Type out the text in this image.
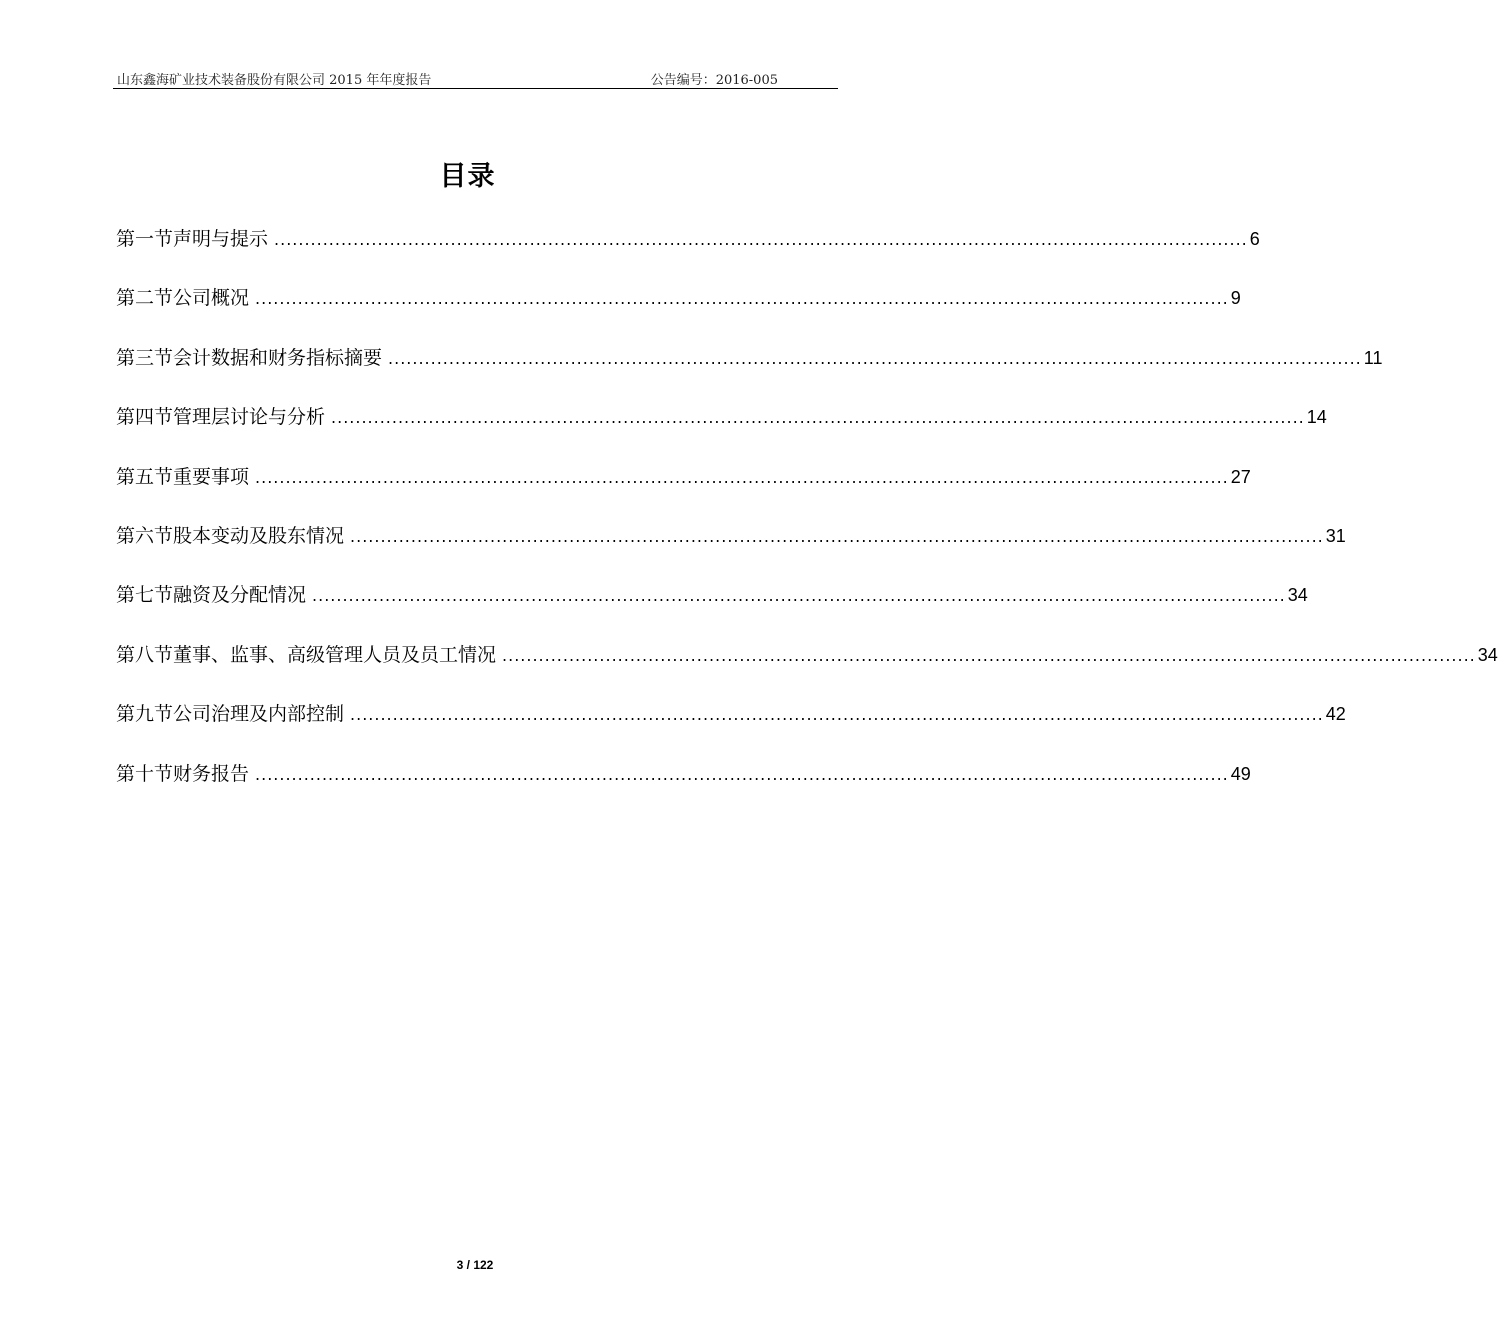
山东鑫海矿业技术装备股份有限公司 2015 年年度报告	公告编号：2016-005
目录
第一节声明与提示 ................................................................................................................................................................ 6
第二节公司概况 ................................................................................................................................................................ 9
第三节会计数据和财务指标摘要 ................................................................................................................................................................ 11
第四节管理层讨论与分析 ................................................................................................................................................................ 14
第五节重要事项 ................................................................................................................................................................ 27
第六节股本变动及股东情况 ................................................................................................................................................................ 31
第七节融资及分配情况 ................................................................................................................................................................ 34
第八节董事、监事、高级管理人员及员工情况 ................................................................................................................................................................ 34
第九节公司治理及内部控制 ................................................................................................................................................................ 42
第十节财务报告 ................................................................................................................................................................ 49
3 / 122
